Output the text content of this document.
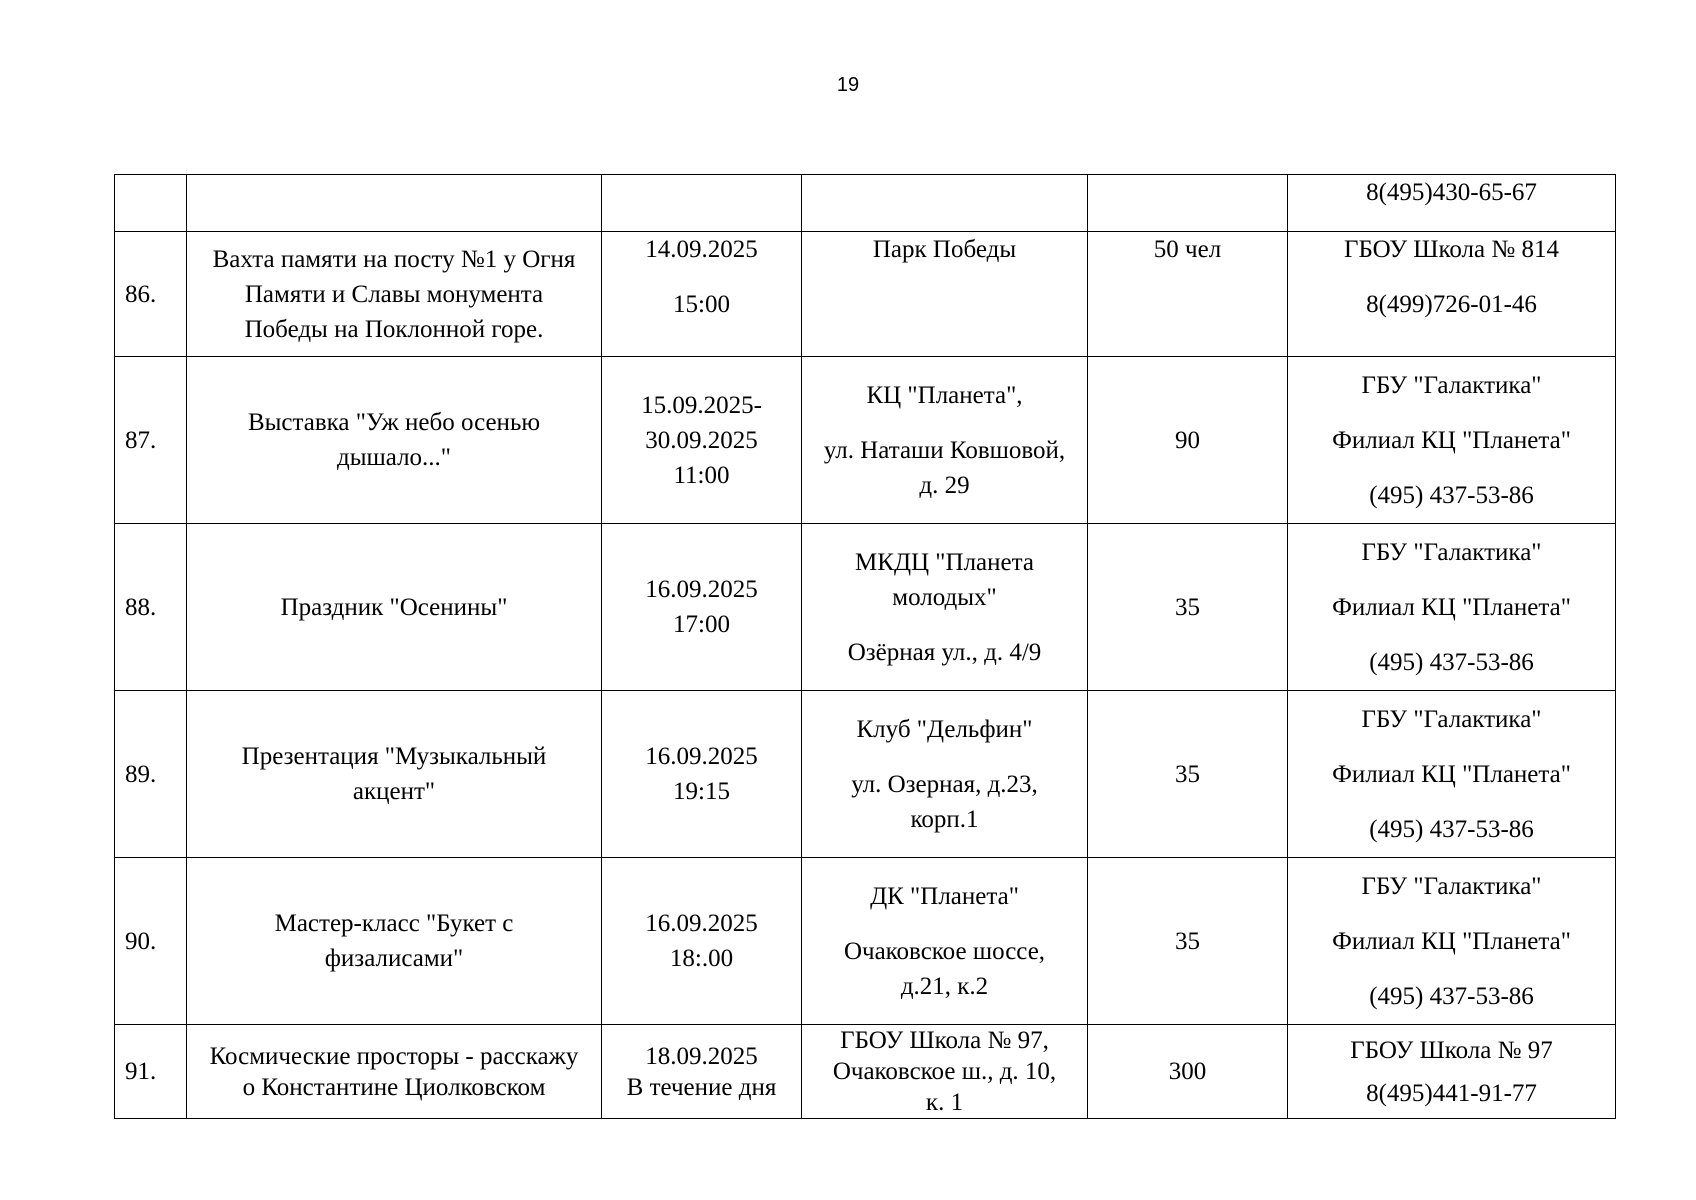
19

					8(495)430-65-67

86.	Вахта памяти на посту №1 у Огня
Памяти и Славы монумента
Победы на Поклонной горе.	14.09.2025
15:00	Парк Победы	50 чел	ГБОУ Школа № 814
8(499)726-01-46

87.	Выставка "Уж небо осенью
дышало..."	15.09.2025-
30.09.2025
11:00	КЦ "Планета",
ул. Наташи Ковшовой,
д. 29	90	ГБУ "Галактика"
Филиал КЦ "Планета"
(495) 437-53-86

88.	Праздник "Осенины"	16.09.2025
17:00	МКДЦ "Планета
молодых"
Озёрная ул., д. 4/9	35	ГБУ "Галактика"
Филиал КЦ "Планета"
(495) 437-53-86

89.	Презентация "Музыкальный
акцент"	16.09.2025
19:15	Клуб "Дельфин"
ул. Озерная, д.23,
корп.1	35	ГБУ "Галактика"
Филиал КЦ "Планета"
(495) 437-53-86

90.	Мастер-класс "Букет с
физалисами"	16.09.2025
18:.00	ДК "Планета"
Очаковское шоссе,
д.21, к.2	35	ГБУ "Галактика"
Филиал КЦ "Планета"
(495) 437-53-86

91.	Космические просторы - расскажу
о Константине Циолковском	18.09.2025
В течение дня	ГБОУ Школа № 97,
Очаковское ш., д. 10,
к. 1	300	ГБОУ Школа № 97
8(495)441-91-77
